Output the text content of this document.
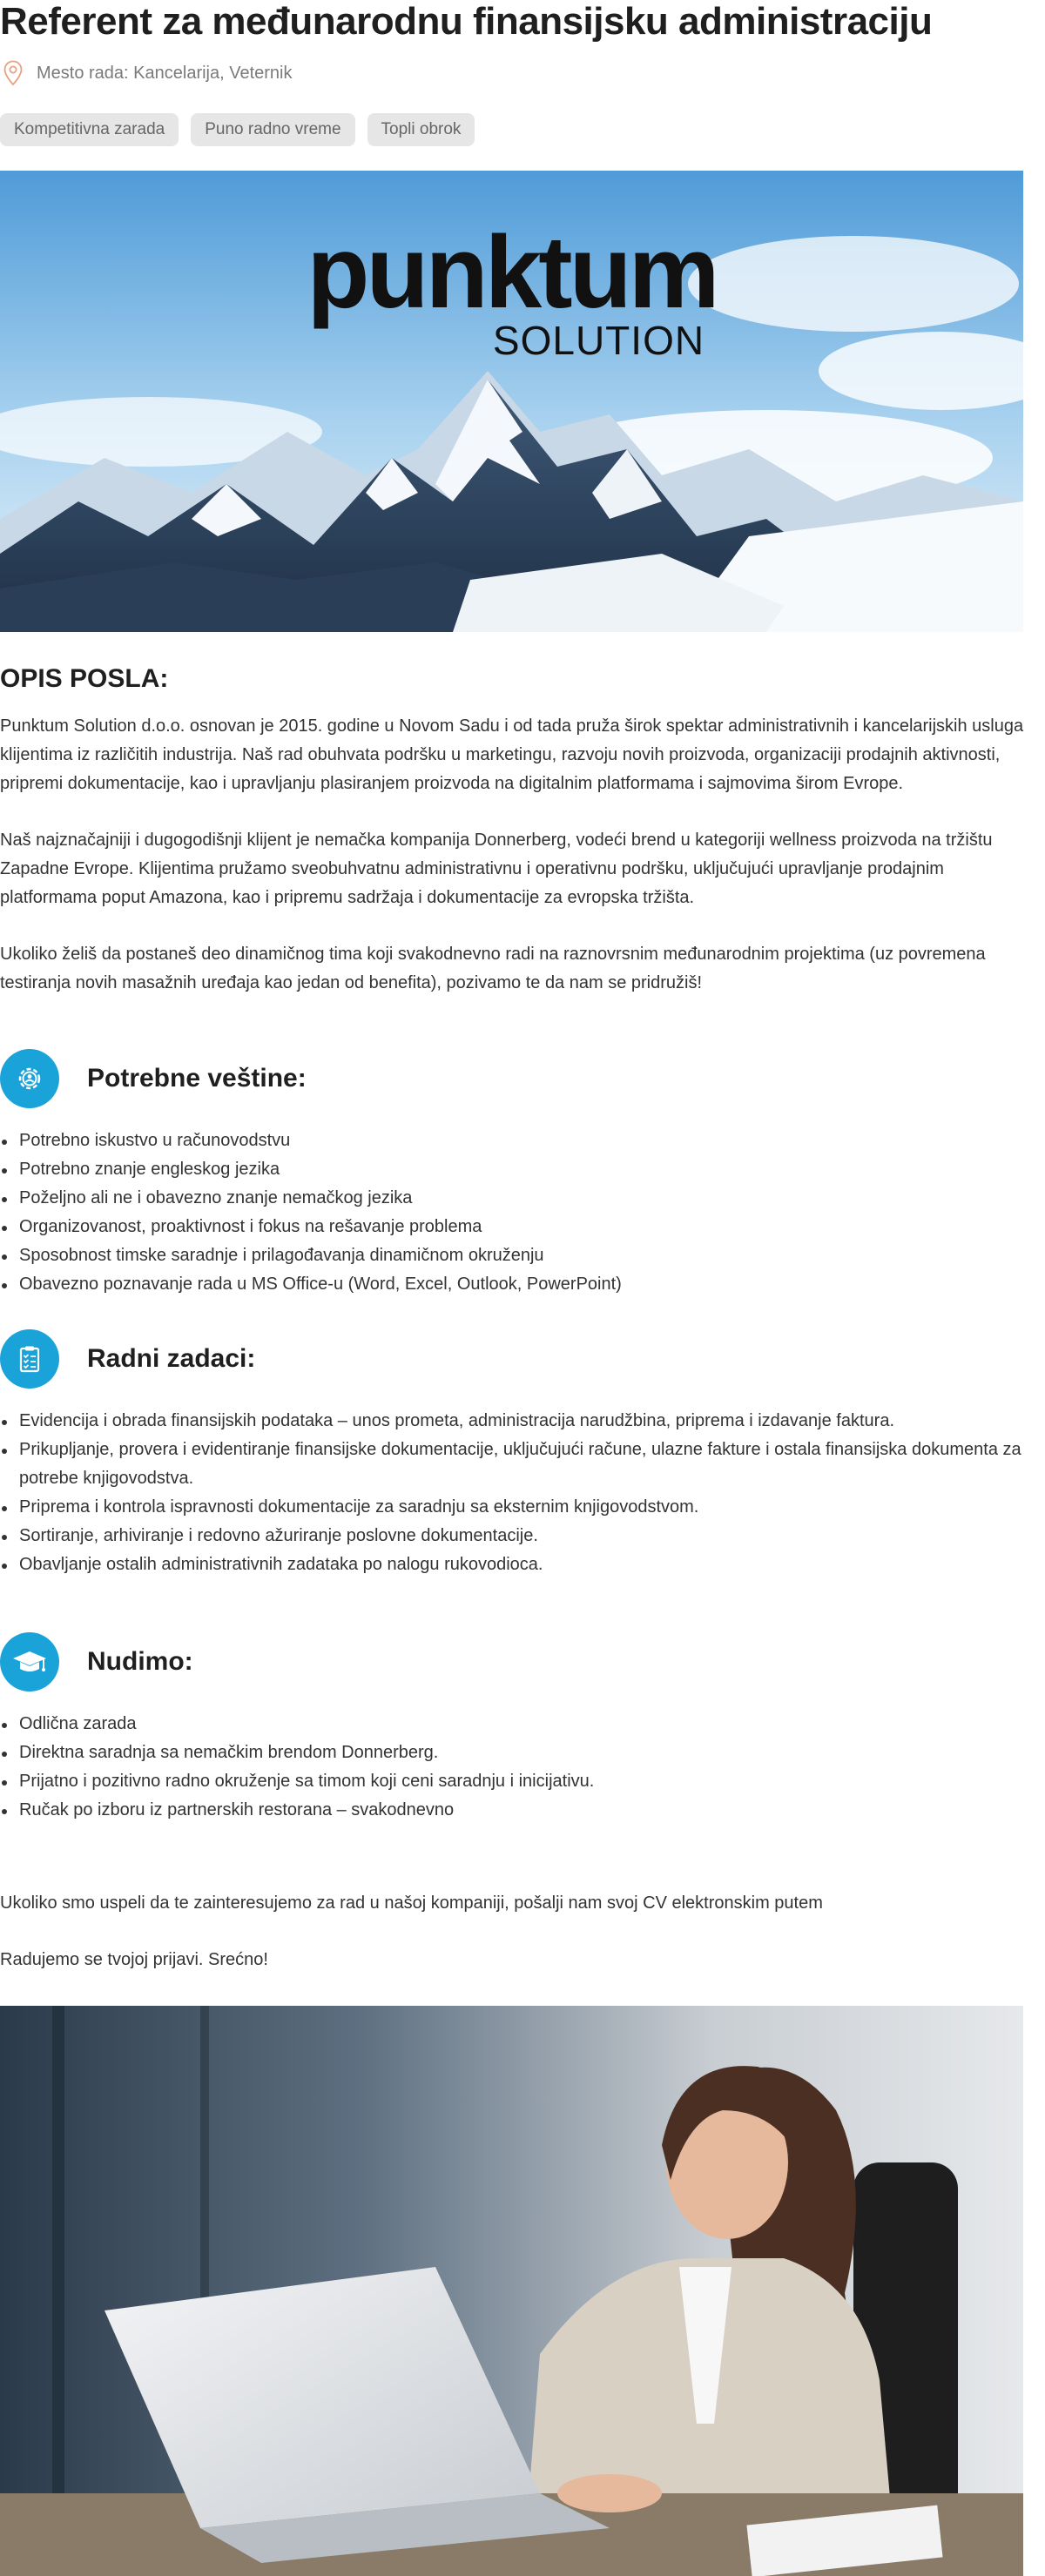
Referent za međunarodnu finansijsku administraciju
Mesto rada: Kancelarija, Veternik
Kompetitivna zarada	Puno radno vreme	Topli obrok
punktum
SOLUTION
OPIS POSLA:

Punktum Solution d.o.o. osnovan je 2015. godine u Novom Sadu i od tada pruža širok spektar administrativnih i kancelarijskih usluga klijentima iz različitih industrija. Naš rad obuhvata podršku u marketingu, razvoju novih proizvoda, organizaciji prodajnih aktivnosti, pripremi dokumentacije, kao i upravljanju plasiranjem proizvoda na digitalnim platformama i sajmovima širom Evrope.

Naš najznačajniji i dugogodišnji klijent je nemačka kompanija Donnerberg, vodeći brend u kategoriji wellness proizvoda na tržištu Zapadne Evrope. Klijentima pružamo sveobuhvatnu administrativnu i operativnu podršku, uključujući upravljanje prodajnim platformama poput Amazona, kao i pripremu sadržaja i dokumentacije za evropska tržišta.

Ukoliko želiš da postaneš deo dinamičnog tima koji svakodnevno radi na raznovrsnim međunarodnim projektima (uz povremena testiranja novih masažnih uređaja kao jedan od benefita), pozivamo te da nam se pridružiš!

Potrebne veštine:
Potrebno iskustvo u računovodstvu
Potrebno znanje engleskog jezika
Poželjno ali ne i obavezno znanje nemačkog jezika
Organizovanost, proaktivnost i fokus na rešavanje problema
Sposobnost timske saradnje i prilagođavanja dinamičnom okruženju
Obavezno poznavanje rada u MS Office-u (Word, Excel, Outlook, PowerPoint)
Radni zadaci:
Evidencija i obrada finansijskih podataka – unos prometa, administracija narudžbina, priprema i izdavanje faktura.
Prikupljanje, provera i evidentiranje finansijske dokumentacije, uključujući račune, ulazne fakture i ostala finansijska dokumenta za potrebe knjigovodstva.
Priprema i kontrola ispravnosti dokumentacije za saradnju sa eksternim knjigovodstvom.
Sortiranje, arhiviranje i redovno ažuriranje poslovne dokumentacije.
Obavljanje ostalih administrativnih zadataka po nalogu rukovodioca.
Nudimo:
Odlična zarada
Direktna saradnja sa nemačkim brendom Donnerberg.
Prijatno i pozitivno radno okruženje sa timom koji ceni saradnju i inicijativu.
Ručak po izboru iz partnerskih restorana – svakodnevno

Ukoliko smo uspeli da te zainteresujemo za rad u našoj kompaniji, pošalji nam svoj CV elektronskim putem

Radujemo se tvojoj prijavi. Srećno!
